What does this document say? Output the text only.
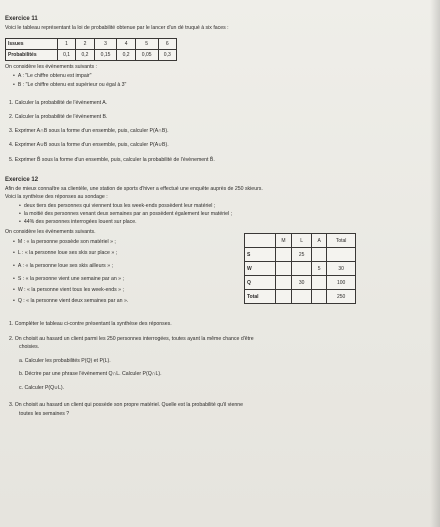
Exercice 11
Voici le tableau représentant la loi de probabilité obtenue par le lancer d'un dé truqué à six faces :
Issues	1	2	3	4	5	6
Probabilités	0,1	0,2	0,15	0,2	0,05	0,3
On considère les évènements suivants :
• A : "Le chiffre obtenu est impair"
• B : "Le chiffre obtenu est supérieur ou égal à 3"
1. Calculer la probabilité de l'évènement A.
2. Calculer la probabilité de l'évènement B.
3. Exprimer A∩B sous la forme d'un ensemble, puis, calculer P(A∩B).
4. Exprimer A∪B sous la forme d'un ensemble, puis, calculer P(A∪B).
5. Exprimer B̄ sous la forme d'un ensemble, puis, calculer la probabilité de l'évènement B̄.
Exercice 12
Afin de mieux connaître sa clientèle, une station de sports d'hiver a effectué une enquête auprès de 250 skieurs.
Voici la synthèse des réponses au sondage :
• deux tiers des personnes qui viennent tous les week-ends possèdent leur matériel ;
• la moitié des personnes venant deux semaines par an possèdent également leur matériel ;
• 44% des personnes interrogées louent sur place.
On considère les évènements suivants.
• M : « la personne possède son matériel » ;
• L : « la personne loue ses skis sur place » ;
• A : « la personne loue ses skis ailleurs » ;
• S : « la personne vient une semaine par an » ;
• W : « la personne vient tous les week-ends » ;
• Q : « la personne vient deux semaines par an ».
	M	L	A	Total
S		25		
W			5	30
Q		30		100
Total				250
1. Compléter le tableau ci-contre présentant la synthèse des réponses.
2. On choisit au hasard un client parmi les 250 personnes interrogées, toutes ayant la même chance d'être
choisies.
a. Calculer les probabilités P(Q) et P(L).
b. Décrire par une phrase l'évènement Q∩L. Calculer P(Q∩L).
c. Calculer P(Q∪L).
3. On choisit au hasard un client qui possède son propre matériel. Quelle est la probabilité qu'il vienne
toutes les semaines ?
